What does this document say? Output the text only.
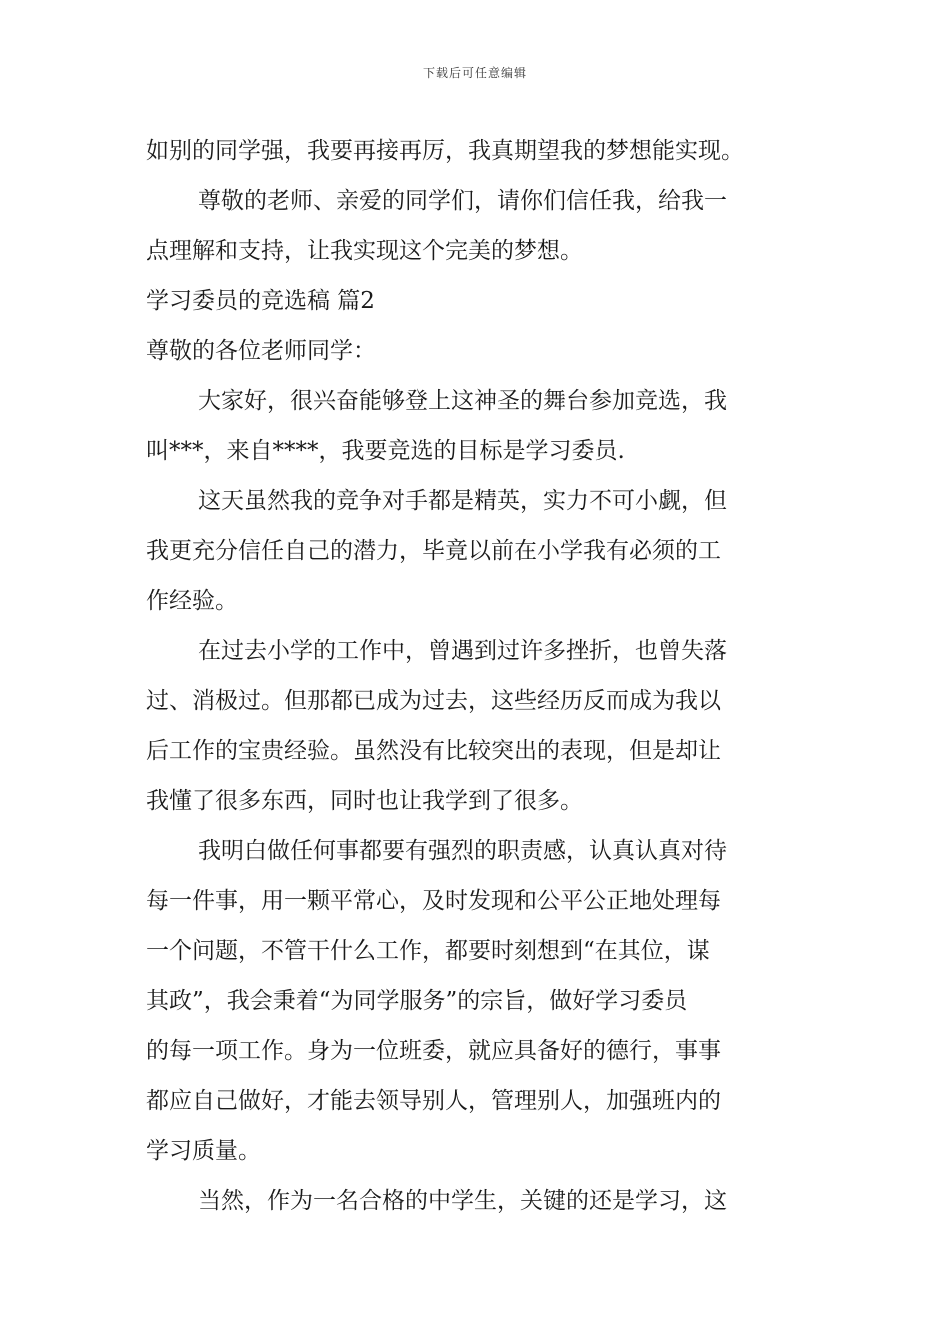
下载后可任意编辑
如别的同学强，我要再接再厉，我真期望我的梦想能实现。
尊敬的老师、亲爱的同学们，请你们信任我，给我一
点理解和支持，让我实现这个完美的梦想。
学习委员的竞选稿 篇2
尊敬的各位老师同学：
大家好，很兴奋能够登上这神圣的舞台参加竞选，我
叫***，来自****，我要竞选的目标是学习委员.
这天虽然我的竞争对手都是精英，实力不可小觑，但
我更充分信任自己的潜力，毕竟以前在小学我有必须的工
作经验。
在过去小学的工作中，曾遇到过许多挫折，也曾失落
过、消极过。但那都已成为过去，这些经历反而成为我以
后工作的宝贵经验。虽然没有比较突出的表现，但是却让
我懂了很多东西，同时也让我学到了很多。
我明白做任何事都要有强烈的职责感，认真认真对待
每一件事，用一颗平常心，及时发现和公平公正地处理每
一个问题，不管干什么工作，都要时刻想到“在其位，谋
其政”，我会秉着“为同学服务”的宗旨，做好学习委员
的每一项工作。身为一位班委，就应具备好的德行，事事
都应自己做好，才能去领导别人，管理别人，加强班内的
学习质量。
当然，作为一名合格的中学生，关键的还是学习，这
